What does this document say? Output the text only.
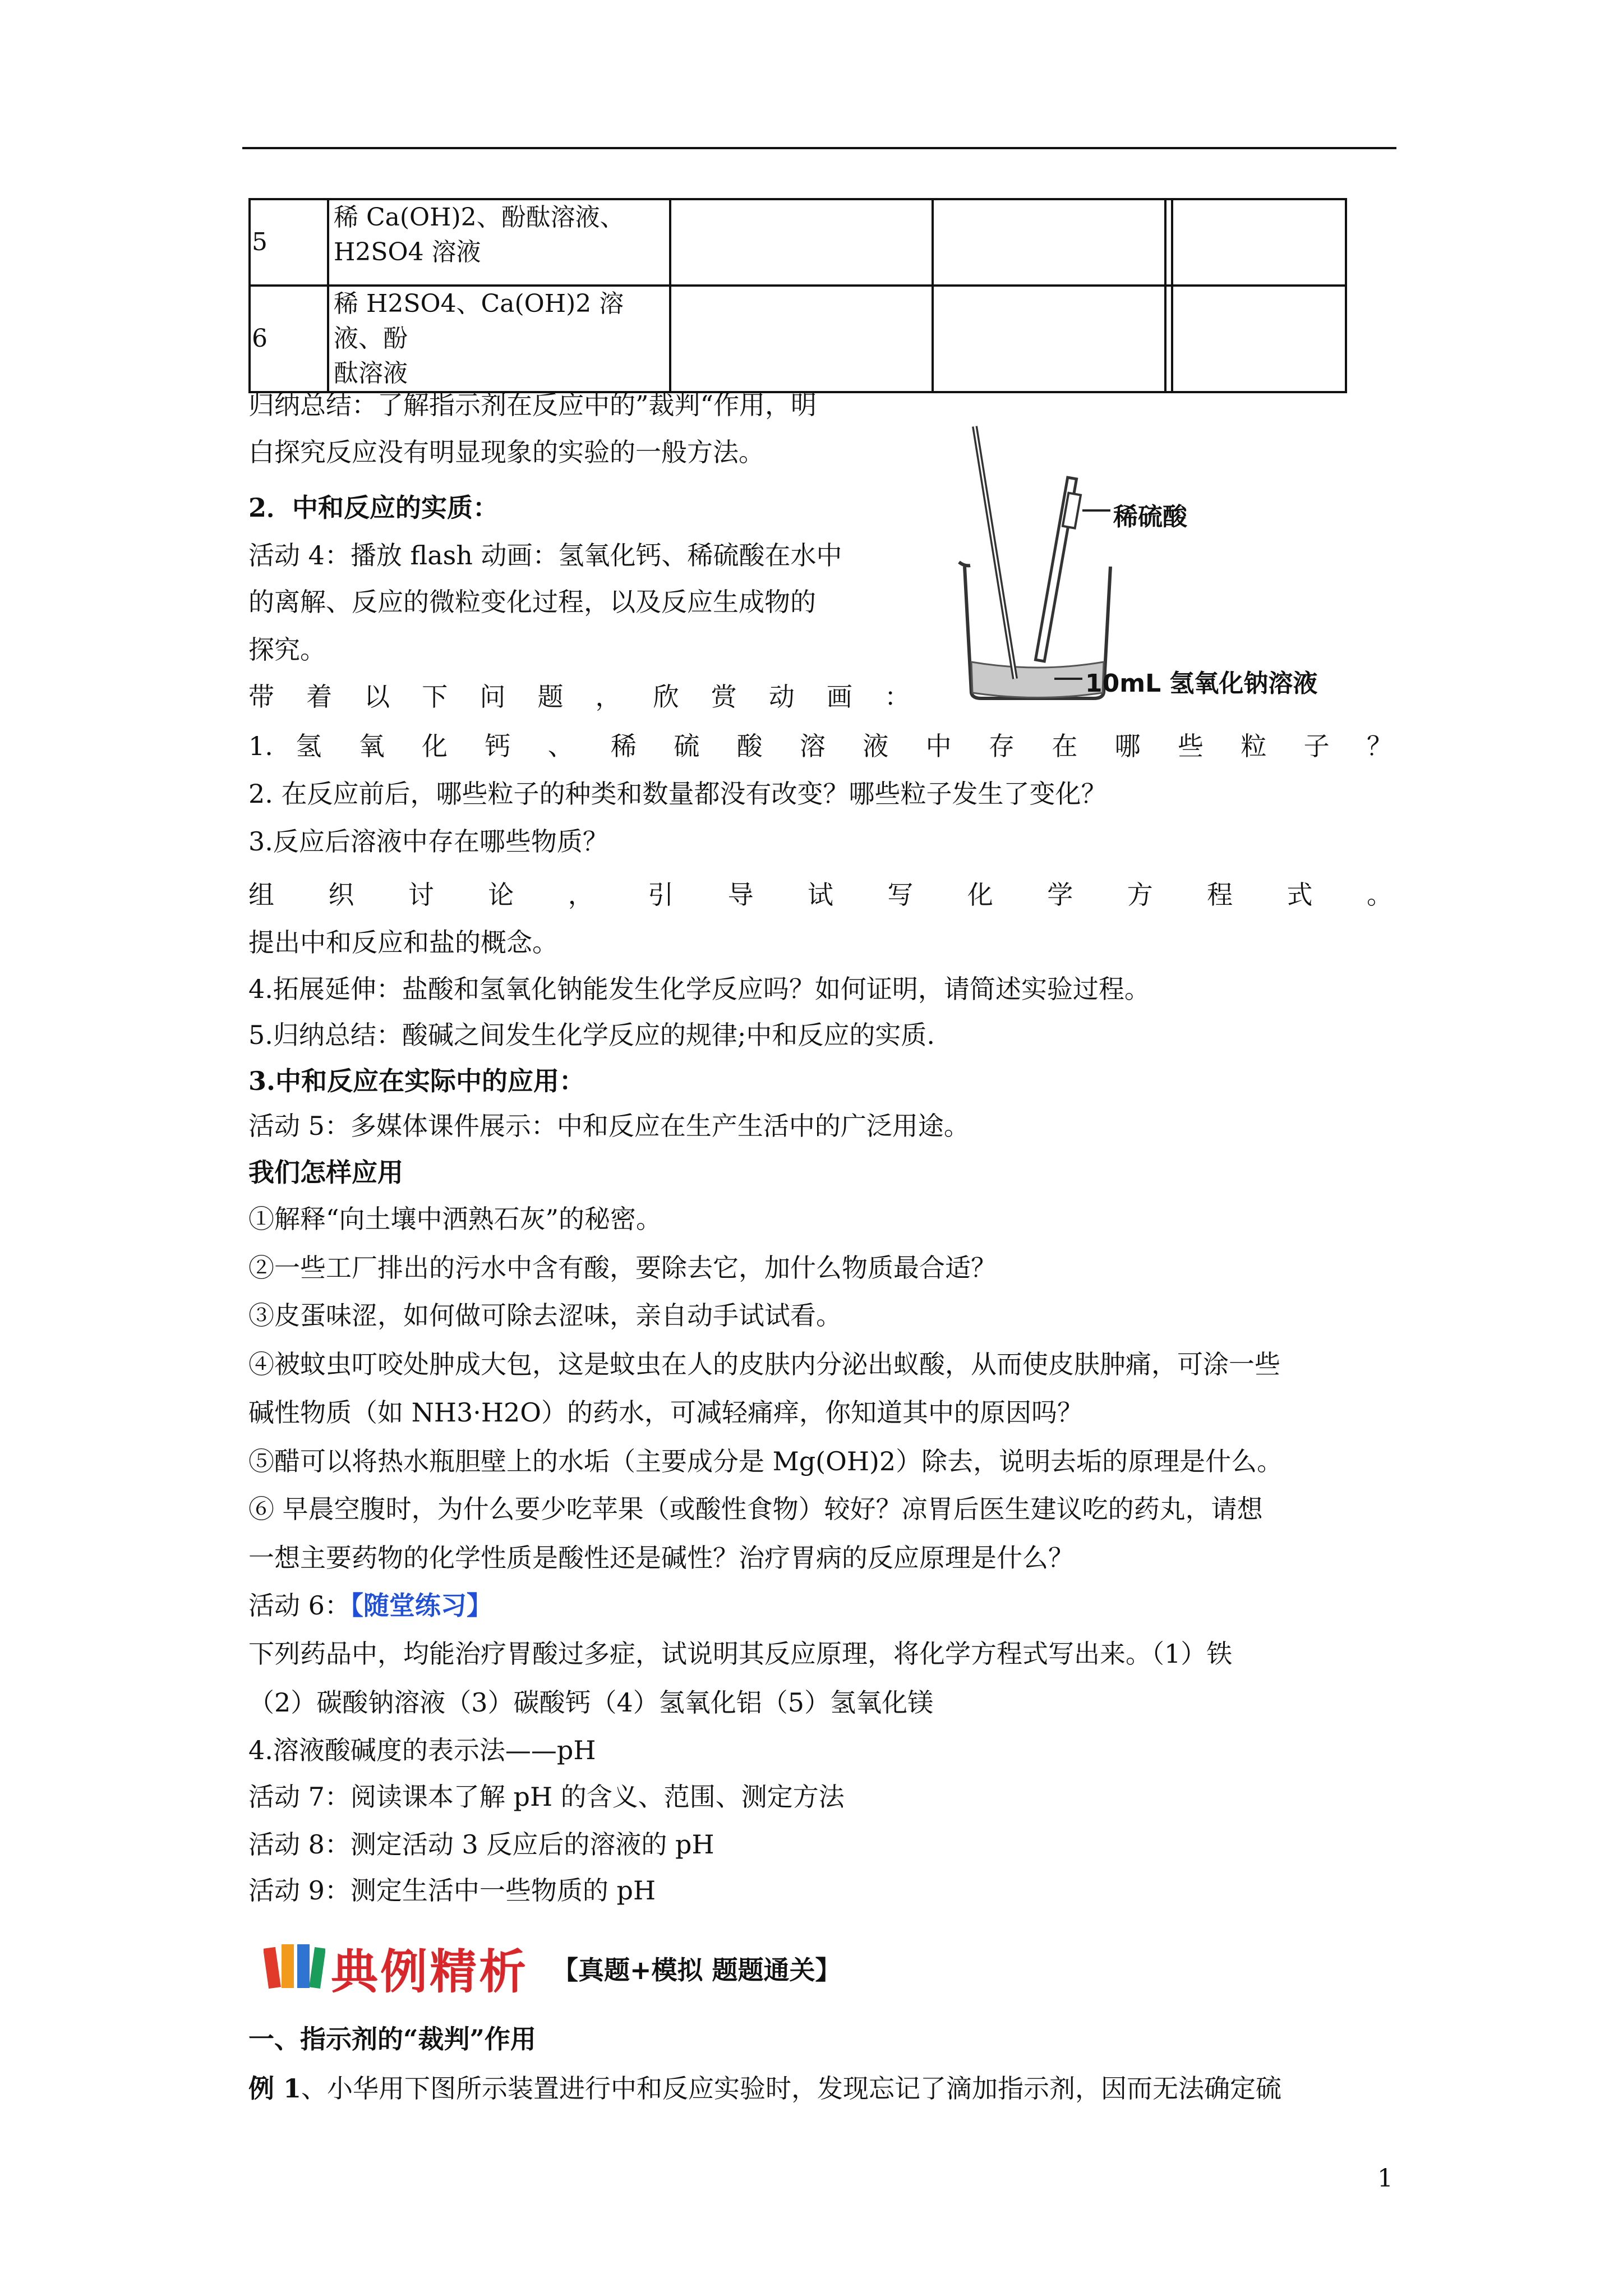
5	稀 Ca(OH)2、酚酞溶液、
H2SO4 溶液				

6	稀 H2SO4、Ca(OH)2 溶液、酚
酞溶液				

归纳总结：了解指示剂在反应中的”裁判“作用，明
白探究反应没有明显现象的实验的一般方法。
2．中和反应的实质：
活动 4：播放 flash 动画：氢氧化钙、稀硫酸在水中
的离解、反应的微粒变化过程，以及反应生成物的
探究。
带 着 以 下 问 题 ， 欣 赏 动 画 ：
稀硫酸
10mL 氢氧化钠溶液
1. 氢 氧 化 钙 、 稀 硫 酸 溶 液 中 存 在 哪 些 粒 子 ？
2. 在反应前后，哪些粒子的种类和数量都没有改变？哪些粒子发生了变化？
3.反应后溶液中存在哪些物质？
组 织 讨 论 ， 引 导 试 写 化 学 方 程 式 。
提出中和反应和盐的概念。
4.拓展延伸：盐酸和氢氧化钠能发生化学反应吗？如何证明，请简述实验过程。
5.归纳总结：酸碱之间发生化学反应的规律;中和反应的实质.
3.中和反应在实际中的应用：
活动 5：多媒体课件展示：中和反应在生产生活中的广泛用途。
我们怎样应用
①解释“向土壤中洒熟石灰”的秘密。
②一些工厂排出的污水中含有酸，要除去它，加什么物质最合适？
③皮蛋味涩，如何做可除去涩味，亲自动手试试看。
④被蚊虫叮咬处肿成大包，这是蚊虫在人的皮肤内分泌出蚁酸，从而使皮肤肿痛，可涂一些
碱性物质（如 NH3·H2O）的药水，可减轻痛痒，你知道其中的原因吗？
⑤醋可以将热水瓶胆壁上的水垢（主要成分是 Mg(OH)2）除去，说明去垢的原理是什么。
⑥ 早晨空腹时，为什么要少吃苹果（或酸性食物）较好？凉胃后医生建议吃的药丸，请想
一想主要药物的化学性质是酸性还是碱性？治疗胃病的反应原理是什么？
活动 6：【随堂练习】
下列药品中，均能治疗胃酸过多症，试说明其反应原理，将化学方程式写出来。（1）铁
（2）碳酸钠溶液（3）碳酸钙（4）氢氧化铝（5）氢氧化镁
4.溶液酸碱度的表示法——pH
活动 7：阅读课本了解 pH 的含义、范围、测定方法
活动 8：测定活动 3 反应后的溶液的 pH
活动 9：测定生活中一些物质的 pH
典例精析 【真题+模拟 题题通关】
一、指示剂的“裁判”作用
例 1、小华用下图所示装置进行中和反应实验时，发现忘记了滴加指示剂，因而无法确定硫
1
